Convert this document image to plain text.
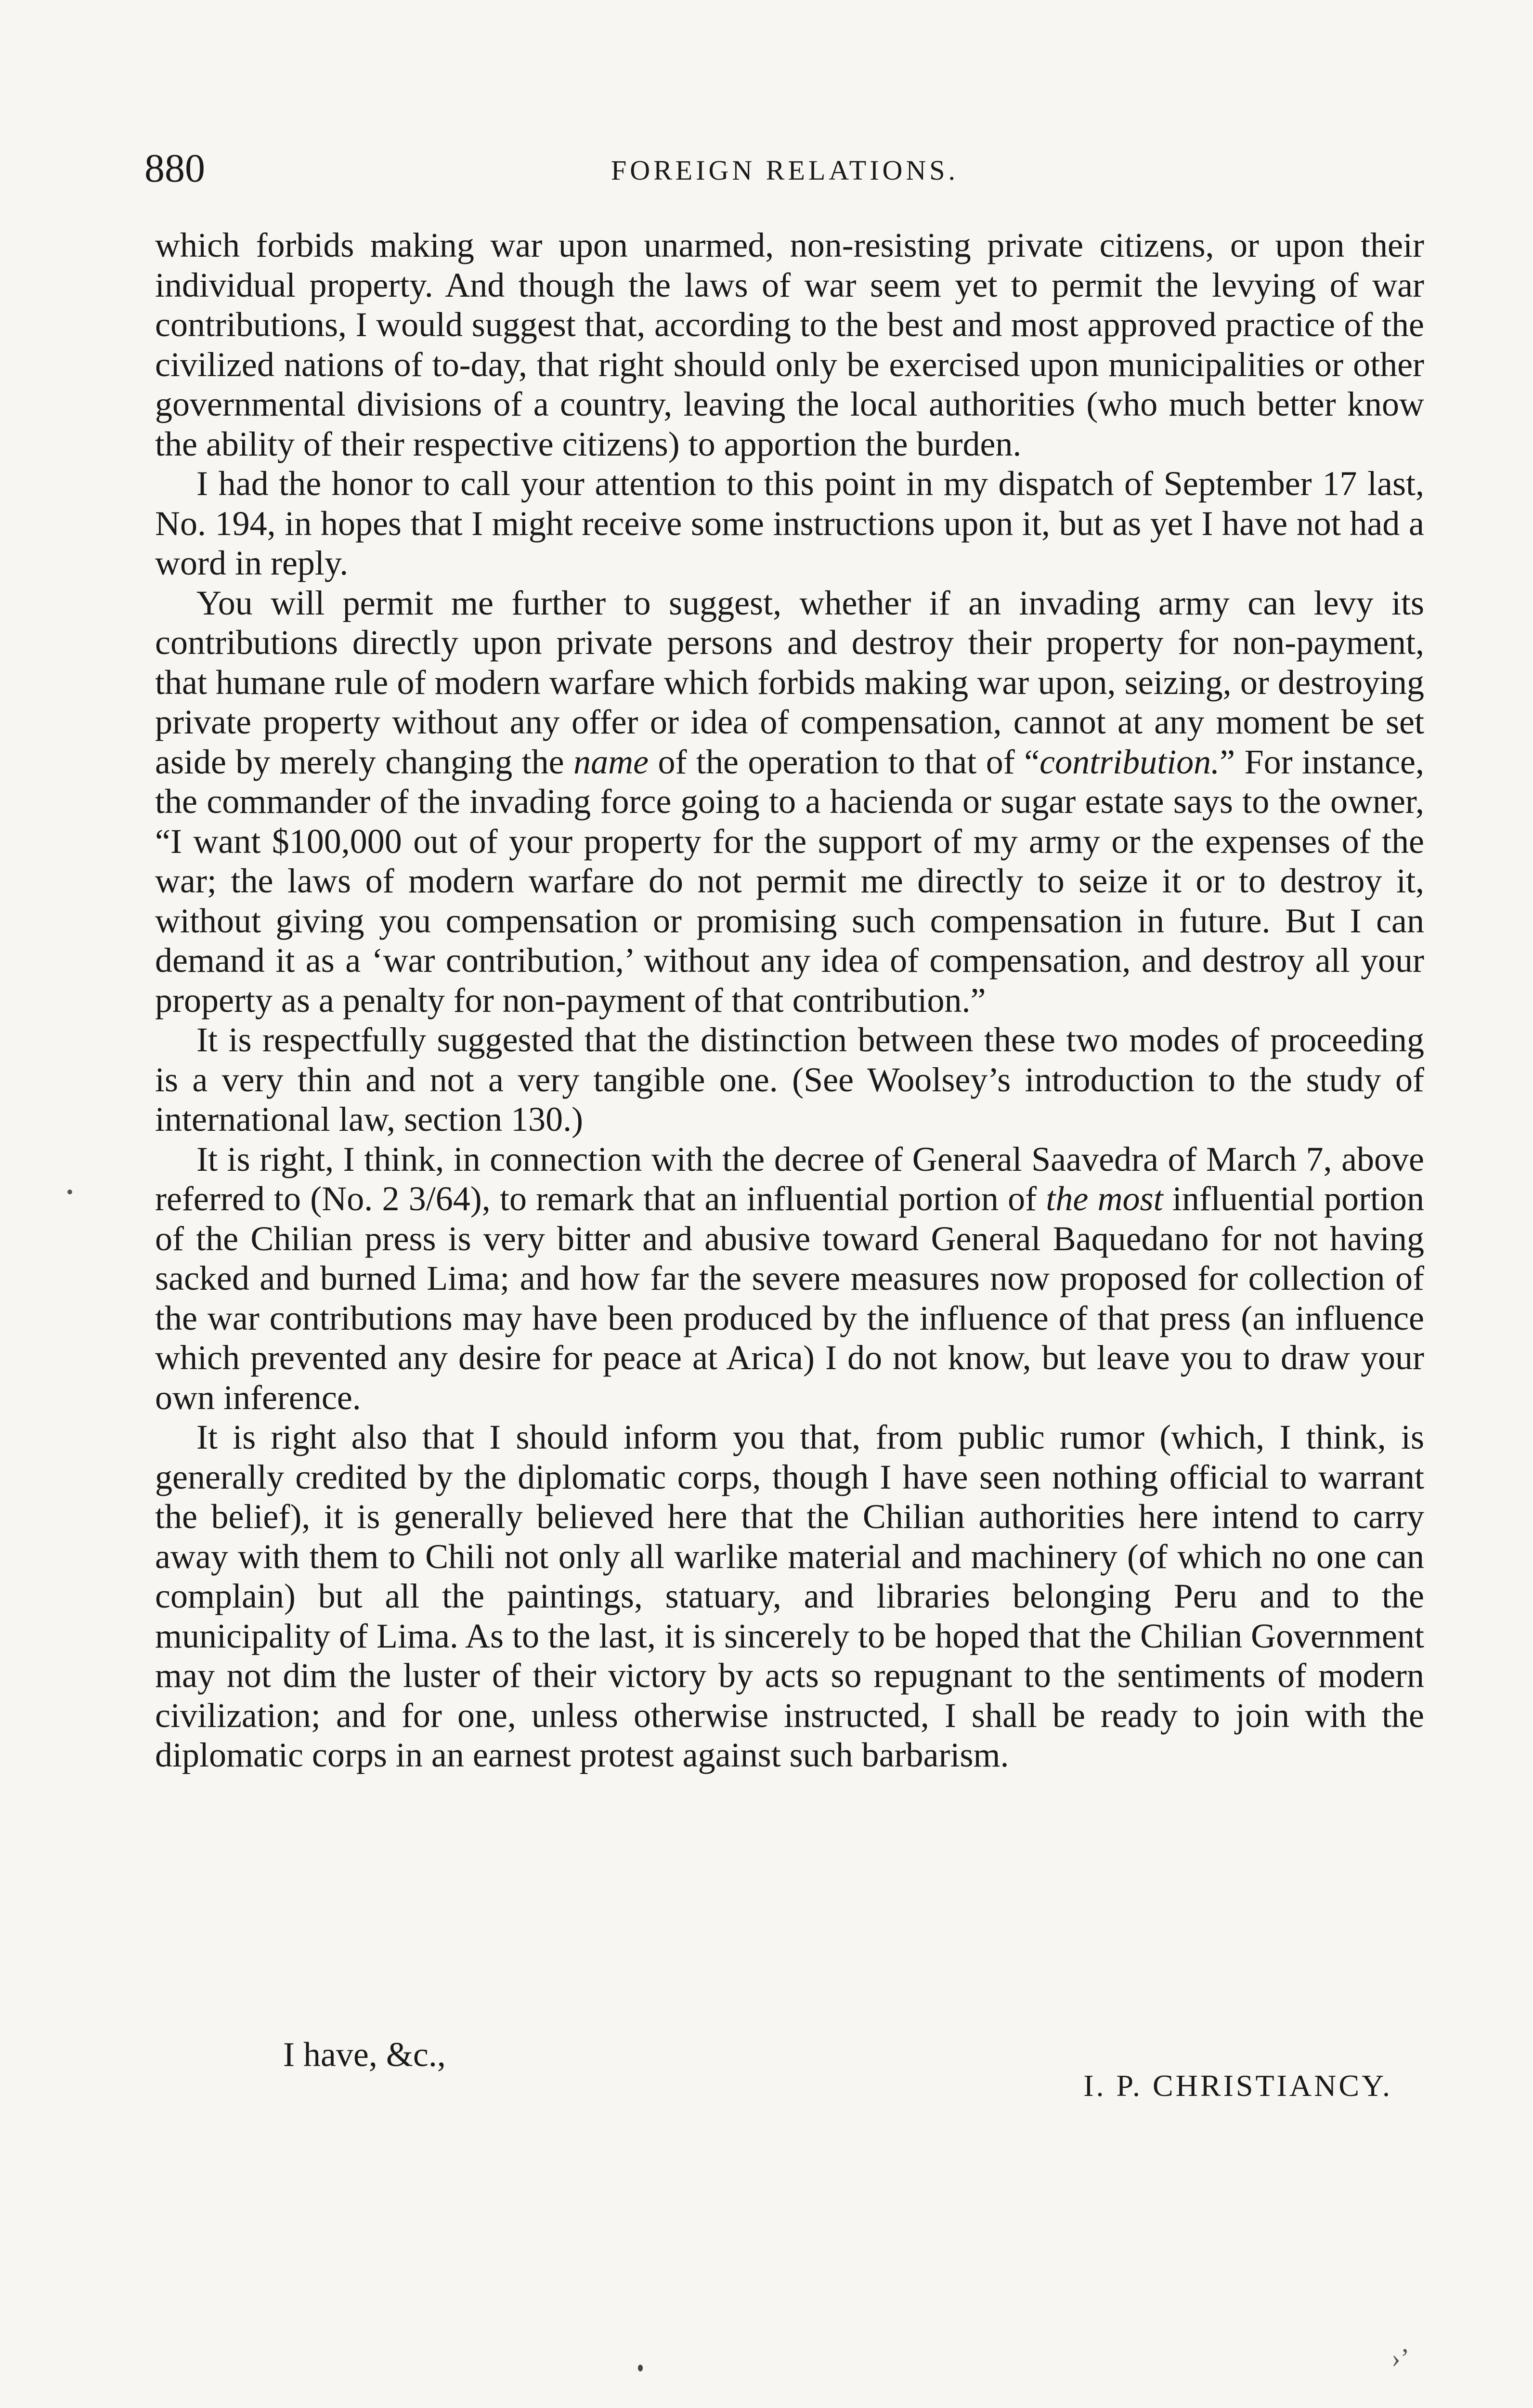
880	FOREIGN RELATIONS.

which forbids making war upon unarmed, non-resisting private citizens, or upon their individual property. And though the laws of war seem yet to permit the levying of war contributions, I would suggest that, according to the best and most approved practice of the civilized nations of to-day, that right should only be exercised upon municipalities or other governmental divisions of a country, leaving the local authorities (who much better know the ability of their respective citizens) to apportion the burden.

I had the honor to call your attention to this point in my dispatch of September 17 last, No. 194, in hopes that I might receive some instructions upon it, but as yet I have not had a word in reply.

You will permit me further to suggest, whether if an invading army can levy its contributions directly upon private persons and destroy their property for non-payment, that humane rule of modern warfare which forbids making war upon, seizing, or destroying private property without any offer or idea of compensation, cannot at any moment be set aside by merely changing the name of the operation to that of “contribution.” For instance, the commander of the invading force going to a hacienda or sugar estate says to the owner, “I want $100,000 out of your property for the support of my army or the expenses of the war; the laws of modern warfare do not permit me directly to seize it or to destroy it, without giving you compensation or promising such compensation in future. But I can demand it as a ‘war contribution,’ without any idea of compensation, and destroy all your property as a penalty for non-payment of that contribution.”

It is respectfully suggested that the distinction between these two modes of proceeding is a very thin and not a very tangible one. (See Woolsey’s introduction to the study of international law, section 130.)

It is right, I think, in connection with the decree of General Saavedra of March 7, above referred to (No. 2 3/64), to remark that an influential portion of the most influential portion of the Chilian press is very bitter and abusive toward General Baquedano for not having sacked and burned Lima; and how far the severe measures now proposed for collection of the war contributions may have been produced by the influence of that press (an influence which prevented any desire for peace at Arica) I do not know, but leave you to draw your own inference.

It is right also that I should inform you that, from public rumor (which, I think, is generally credited by the diplomatic corps, though I have seen nothing official to warrant the belief), it is generally believed here that the Chilian authorities here intend to carry away with them to Chili not only all warlike material and machinery (of which no one can complain) but all the paintings, statuary, and libraries belonging Peru and to the municipality of Lima. As to the last, it is sincerely to be hoped that the Chilian Government may not dim the luster of their victory by acts so repugnant to the sentiments of modern civilization; and for one, unless otherwise instructed, I shall be ready to join with the diplomatic corps in an earnest protest against such barbarism.

I have, &c.,
I. P. CHRISTIANCY.
›’
